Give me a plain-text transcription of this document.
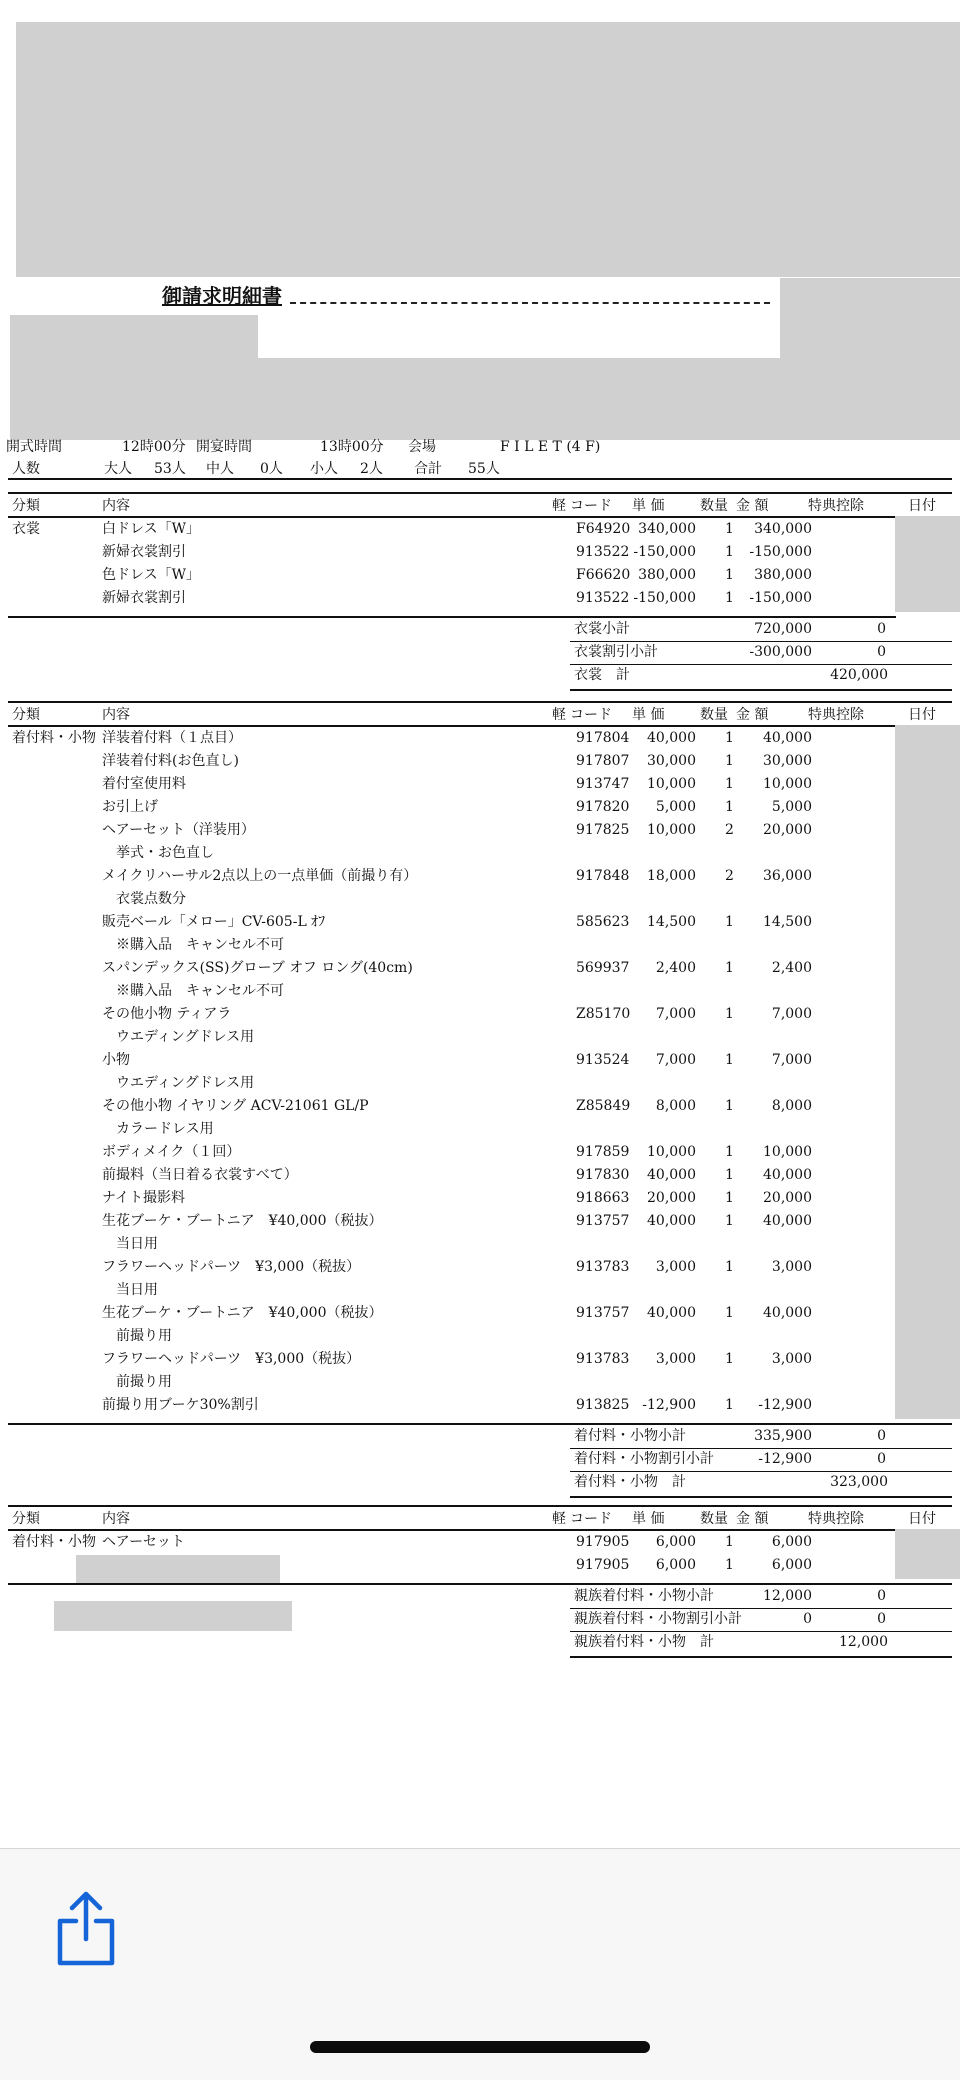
御請求明細書
開式時間	12時00分 開宴時間	13時00分 会場	F I L E T (4 F)
人数	大人 53人 中人 0人 小人 2人 合計 55人
分類	内容	軽 コード 単 価	数量 金 額	特典控除	日付
衣裳	白ドレス「W」	F64920 340,000 1	340,000
新婦衣裳割引	913522 -150,000 1	-150,000
色ドレス「W」	F66620 380,000 1	380,000
新婦衣裳割引	913522 -150,000 1	-150,000
衣裳小計	720,000	0
衣裳割引小計	-300,000	0
衣裳　計	420,000
分類	内容	軽 コード 単 価	数量 金 額	特典控除	日付
着付料・小物 洋装着付料（１点目）	917804	40,000 1	40,000
洋装着付料(お色直し)	917807	30,000 1	30,000
着付室使用料	913747	10,000 1	10,000
お引上げ	917820	5,000 1	5,000
ヘアーセット（洋装用）	917825	10,000 2	20,000
挙式・お色直し
メイクリハーサル2点以上の一点単価（前撮り有）	917848	18,000 2	36,000
衣裳点数分
販売ベール「メロー」CV-605-L ｵﾌ	585623	14,500 1	14,500
※購入品　キャンセル不可
スパンデックス(SS)グローブ オフ ロング(40cm)	569937	2,400 1	2,400
※購入品　キャンセル不可
その他小物 ティアラ	Z85170	7,000 1	7,000
ウエディングドレス用
小物	913524	7,000 1	7,000
ウエディングドレス用
その他小物 イヤリング ACV-21061 GL/P	Z85849	8,000 1	8,000
カラードレス用
ボディメイク（１回）	917859	10,000 1	10,000
前撮料（当日着る衣裳すべて）	917830	40,000 1	40,000
ナイト撮影料	918663	20,000 1	20,000
生花ブーケ・ブートニア　¥40,000（税抜）	913757	40,000 1	40,000
当日用
フラワーヘッドパーツ　¥3,000（税抜）	913783	3,000 1	3,000
当日用
生花ブーケ・ブートニア　¥40,000（税抜）	913757	40,000 1	40,000
前撮り用
フラワーヘッドパーツ　¥3,000（税抜）	913783	3,000 1	3,000
前撮り用
前撮り用ブーケ30%割引	913825 -12,900 1	-12,900
着付料・小物小計	335,900	0
着付料・小物割引小計	-12,900	0
着付料・小物　計	323,000
分類	内容	軽 コード 単 価	数量 金 額	特典控除	日付
着付料・小物 ヘアーセット	917905	6,000 1	6,000
917905	6,000 1	6,000
親族着付料・小物小計	12,000	0
親族着付料・小物割引小計	0	0
親族着付料・小物　計	12,000
